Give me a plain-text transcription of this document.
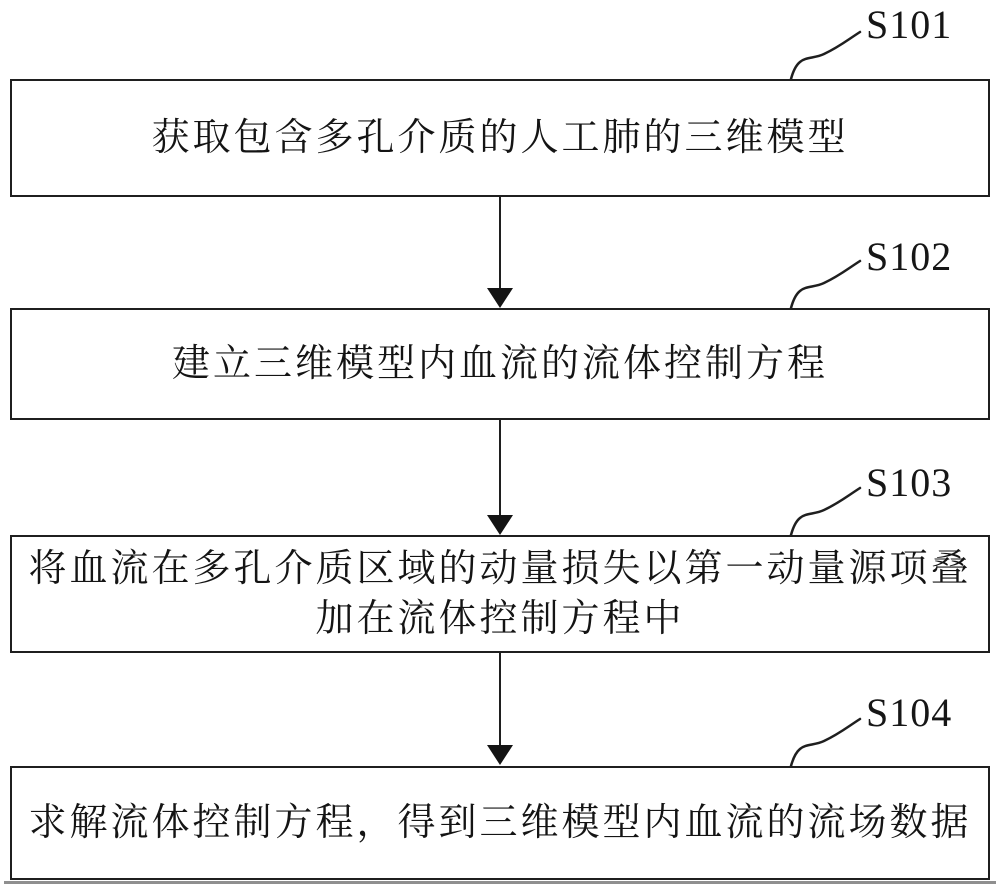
S101
获取包含多孔介质的人工肺的三维模型
S102
建立三维模型内血流的流体控制方程
S103
将血流在多孔介质区域的动量损失以第一动量源项叠加在流体控制方程中
S104
求解流体控制方程，得到三维模型内血流的流场数据
